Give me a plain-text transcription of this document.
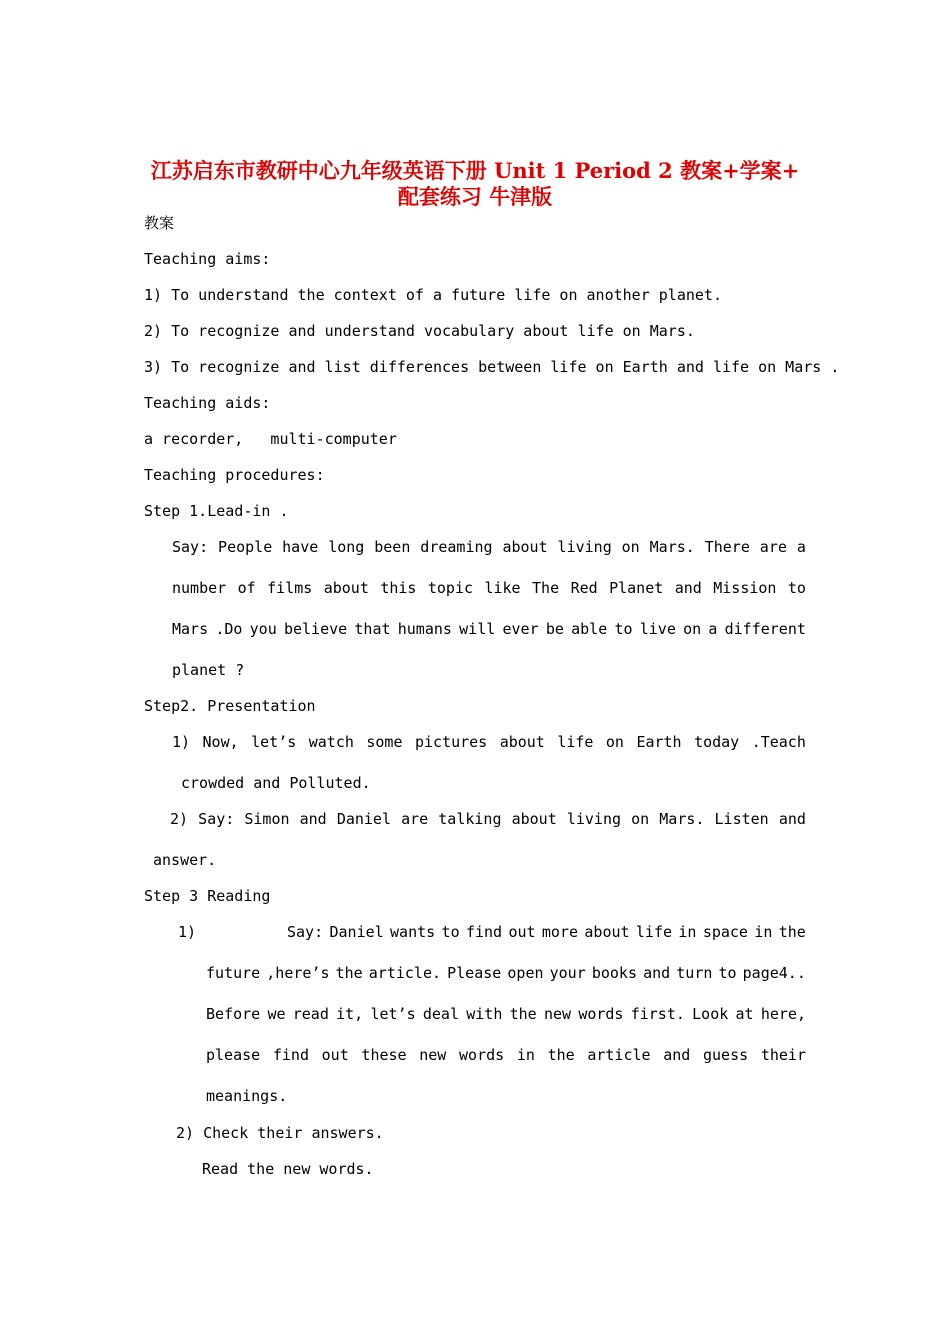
江苏启东市教研中心九年级英语下册 Unit 1 Period 2 教案+学案+
配套练习 牛津版
教案
Teaching aims:
1) To understand the context of a future life on another planet.
2) To recognize and understand vocabulary about life on Mars.
3) To recognize and list differences between life on Earth and life on Mars .
Teaching aids:
a recorder,   multi-computer
Teaching procedures:
Step 1.Lead-in .
Say: People have long been dreaming about living on Mars. There are a
number of films about this topic like The Red Planet and Mission to
Mars .Do you believe that humans will ever be able to live on a different
planet ?
Step2. Presentation
1) Now, let’s watch some pictures about life on Earth today .Teach
crowded and Polluted.
2) Say: Simon and Daniel are talking about living on Mars. Listen and
answer.
Step 3 Reading
1)	Say: Daniel wants to find out more about life in space in the
future ,here’s the article. Please open your books and turn to page4..
Before we read it, let’s deal with the new words first. Look at here,
please find out these new words in the article and guess their
meanings.
2) Check their answers.
Read the new words.
